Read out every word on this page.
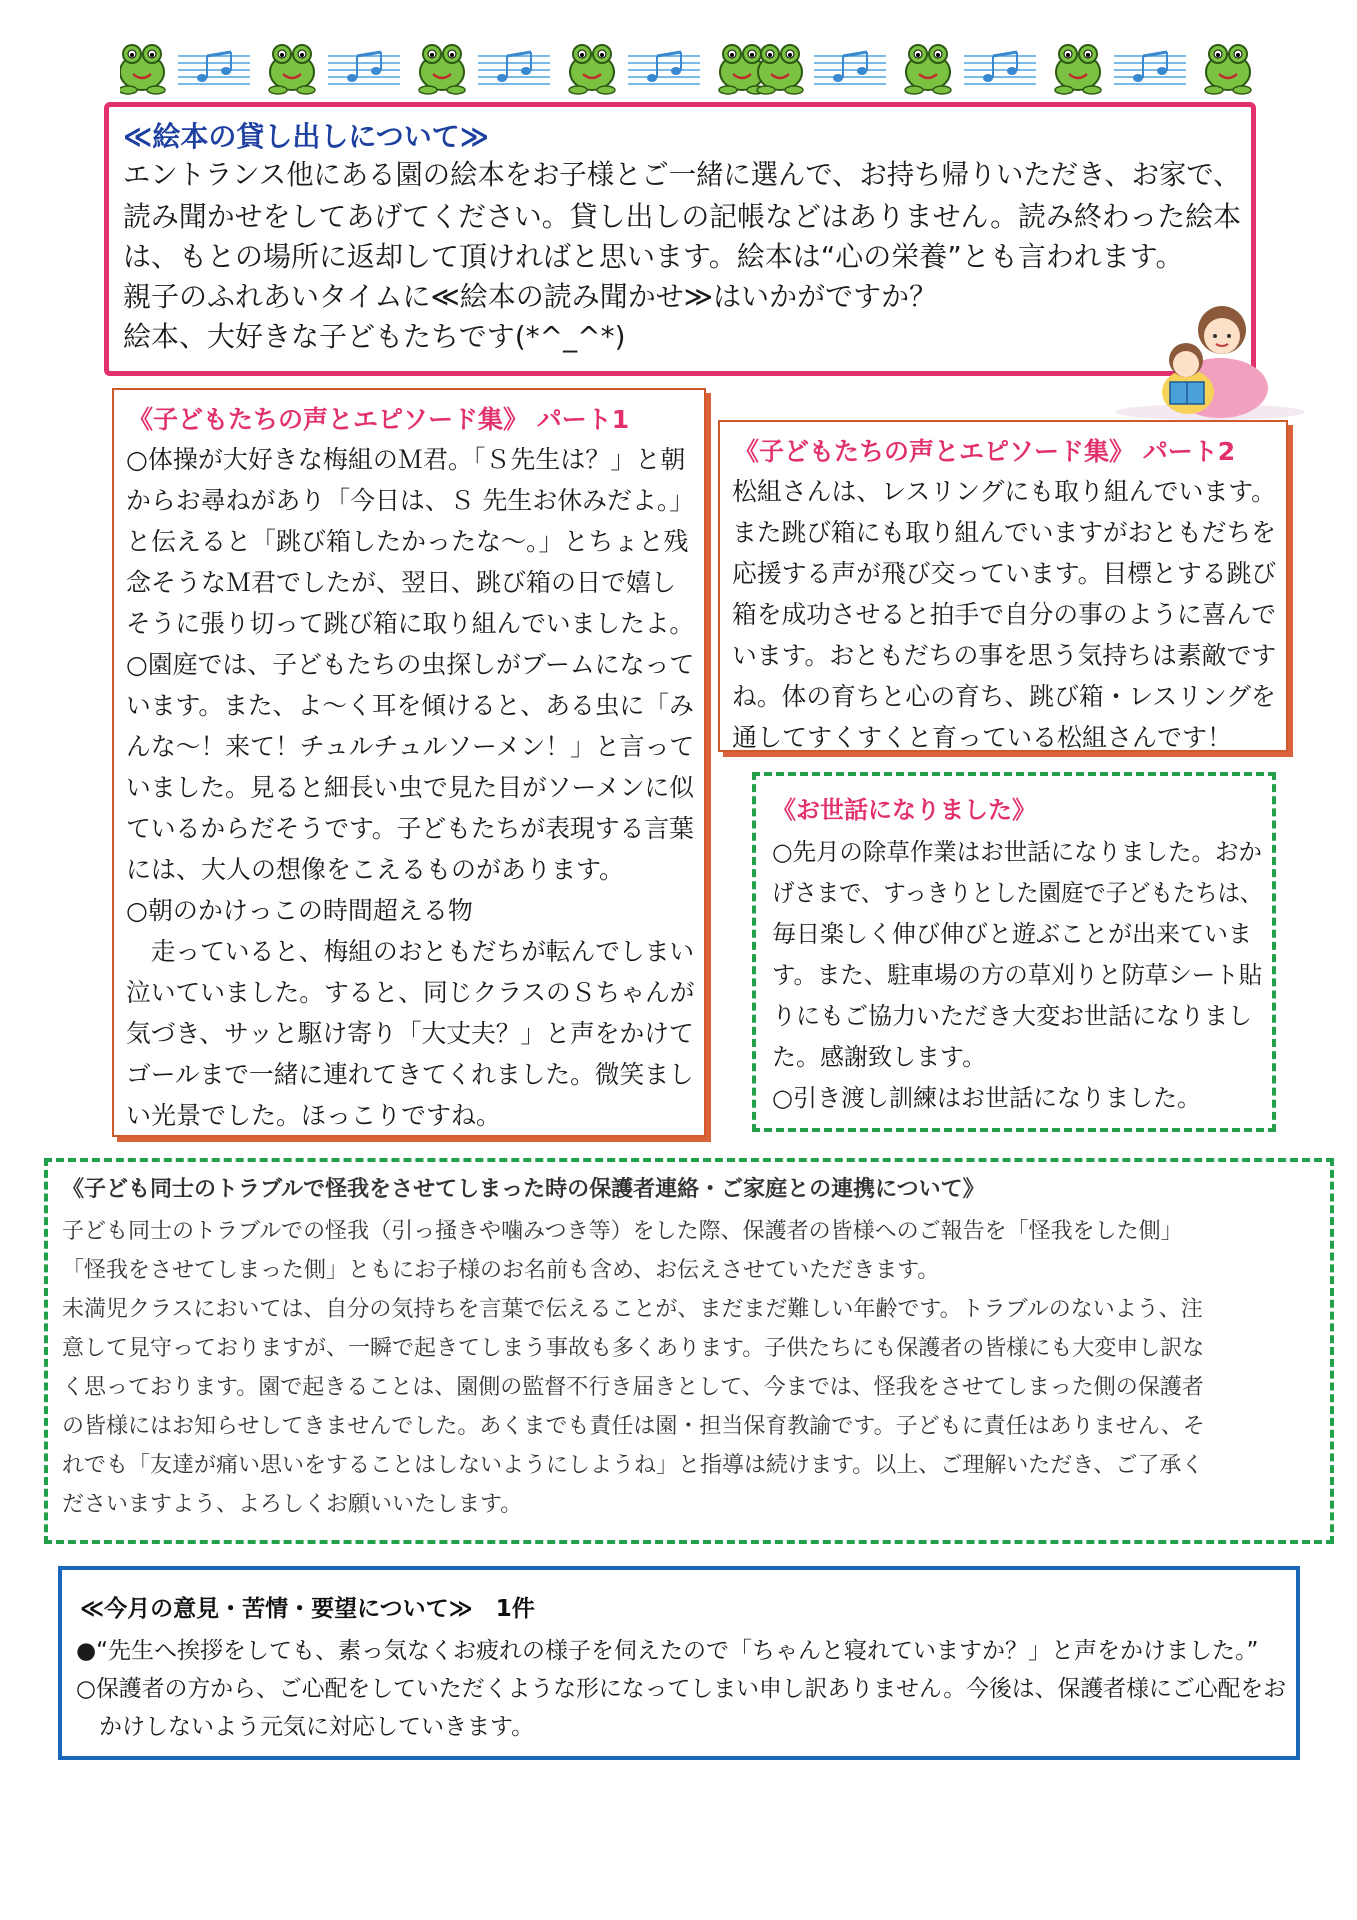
≪絵本の貸し出しについて≫
エントランス他にある園の絵本をお子様とご一緒に選んで、お持ち帰りいただき、お家で、
読み聞かせをしてあげてください。貸し出しの記帳などはありません。読み終わった絵本
は、もとの場所に返却して頂ければと思います。絵本は“心の栄養”とも言われます。
親子のふれあいタイムに≪絵本の読み聞かせ≫はいかがですか？
絵本、大好きな子どもたちです(*^_^*)
《子どもたちの声とエピソード集》 パート1
○体操が大好きな梅組のＭ君。「Ｓ先生は？」と朝
からお尋ねがあり「今日は、Ｓ 先生お休みだよ。」
と伝えると「跳び箱したかったな～。」とちょと残
念そうなＭ君でしたが、翌日、跳び箱の日で嬉し
そうに張り切って跳び箱に取り組んでいましたよ。
○園庭では、子どもたちの虫探しがブームになって
います。また、よ～く耳を傾けると、ある虫に「み
んな～！来て！チュルチュルソーメン！」と言って
いました。見ると細長い虫で見た目がソーメンに似
ているからだそうです。子どもたちが表現する言葉
には、大人の想像をこえるものがあります。
○朝のかけっこの時間超える物
　走っていると、梅組のおともだちが転んでしまい
泣いていました。すると、同じクラスのＳちゃんが
気づき、サッと駆け寄り「大丈夫？」と声をかけて
ゴールまで一緒に連れてきてくれました。微笑まし
い光景でした。ほっこりですね。
《子どもたちの声とエピソード集》 パート2
松組さんは、レスリングにも取り組んでいます。
また跳び箱にも取り組んでいますがおともだちを
応援する声が飛び交っています。目標とする跳び
箱を成功させると拍手で自分の事のように喜んで
います。おともだちの事を思う気持ちは素敵です
ね。体の育ちと心の育ち、跳び箱・レスリングを
通してすくすくと育っている松組さんです！
《お世話になりました》
○先月の除草作業はお世話になりました。おか
げさまで、すっきりとした園庭で子どもたちは、
毎日楽しく伸び伸びと遊ぶことが出来ていま
す。また、駐車場の方の草刈りと防草シート貼
りにもご協力いただき大変お世話になりまし
た。感謝致します。
○引き渡し訓練はお世話になりました。
《子ども同士のトラブルで怪我をさせてしまった時の保護者連絡・ご家庭との連携について》
子ども同士のトラブルでの怪我（引っ掻きや噛みつき等）をした際、保護者の皆様へのご報告を「怪我をした側」
「怪我をさせてしまった側」ともにお子様のお名前も含め、お伝えさせていただきます。
未満児クラスにおいては、自分の気持ちを言葉で伝えることが、まだまだ難しい年齢です。トラブルのないよう、注
意して見守っておりますが、一瞬で起きてしまう事故も多くあります。子供たちにも保護者の皆様にも大変申し訳な
く思っております。園で起きることは、園側の監督不行き届きとして、今までは、怪我をさせてしまった側の保護者
の皆様にはお知らせしてきませんでした。あくまでも責任は園・担当保育教諭です。子どもに責任はありません、そ
れでも「友達が痛い思いをすることはしないようにしようね」と指導は続けます。以上、ご理解いただき、ご了承く
ださいますよう、よろしくお願いいたします。
≪今月の意見・苦情・要望について≫　1件
●“先生へ挨拶をしても、素っ気なくお疲れの様子を伺えたので「ちゃんと寝れていますか？」と声をかけました。”
○保護者の方から、ご心配をしていただくような形になってしまい申し訳ありません。今後は、保護者様にご心配をお
　かけしないよう元気に対応していきます。
